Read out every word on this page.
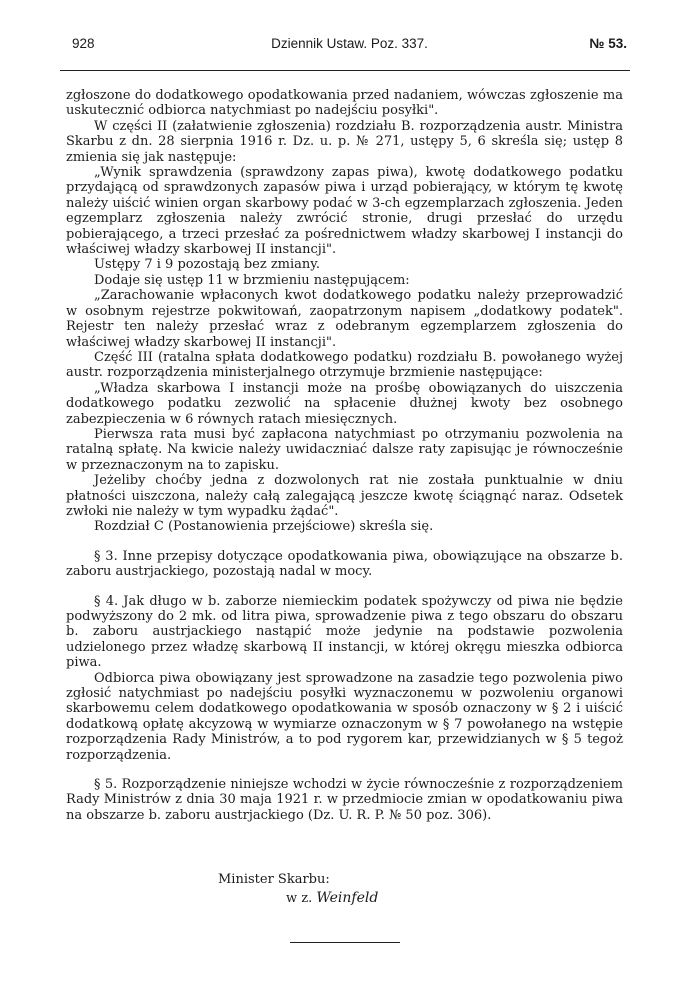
928	Dziennik Ustaw. Poz. 337.	№ 53.

zgłoszone do dodatkowego opodatkowania przed nadaniem, wówczas zgłoszenie ma uskutecznić odbiorca natychmiast po nadejściu posyłki".

W części II (załatwienie zgłoszenia) rozdziału B. rozporządzenia austr. Ministra Skarbu z dn. 28 sierpnia 1916 r. Dz. u. p. № 271, ustępy 5, 6 skreśla się; ustęp 8 zmienia się jak następuje:

„Wynik sprawdzenia (sprawdzony zapas piwa), kwotę dodatkowego podatku przydającą od sprawdzonych zapasów piwa i urząd pobierający, w którym tę kwotę należy uiścić winien organ skarbowy podać w 3-ch egzemplarzach zgłoszenia. Jeden egzemplarz zgłoszenia należy zwrócić stronie, drugi przesłać do urzędu pobierającego, a trzeci przesłać za pośrednictwem władzy skarbowej I instancji do właściwej władzy skarbowej II instancji".

Ustępy 7 i 9 pozostają bez zmiany.

Dodaje się ustęp 11 w brzmieniu następującem:

„Zarachowanie wpłaconych kwot dodatkowego podatku należy przeprowadzić w osobnym rejestrze pokwitowań, zaopatrzonym napisem „dodatkowy podatek". Rejestr ten należy przesłać wraz z odebranym egzemplarzem zgłoszenia do właściwej władzy skarbowej II instancji".

Część III (ratalna spłata dodatkowego podatku) rozdziału B. powołanego wyżej austr. rozporządzenia ministerjalnego otrzymuje brzmienie następujące:

„Władza skarbowa I instancji może na prośbę obowiązanych do uiszczenia dodatkowego podatku zezwolić na spłacenie dłużnej kwoty bez osobnego zabezpieczenia w 6 równych ratach miesięcznych.

Pierwsza rata musi być zapłacona natychmiast po otrzymaniu pozwolenia na ratalną spłatę. Na kwicie należy uwidaczniać dalsze raty zapisując je równocześnie w przeznaczonym na to zapisku.

Jeżeliby choćby jedna z dozwolonych rat nie została punktualnie w dniu płatności uiszczona, należy całą zalegającą jeszcze kwotę ściągnąć naraz. Odsetek zwłoki nie należy w tym wypadku żądać".

Rozdział C (Postanowienia przejściowe) skreśla się.

§ 3. Inne przepisy dotyczące opodatkowania piwa, obowiązujące na obszarze b. zaboru austrjackiego, pozostają nadal w mocy.

§ 4. Jak długo w b. zaborze niemieckim podatek spożywczy od piwa nie będzie podwyższony do 2 mk. od litra piwa, sprowadzenie piwa z tego obszaru do obszaru b. zaboru austrjackiego nastąpić może jedynie na podstawie pozwolenia udzielonego przez władzę skarbową II instancji, w której okręgu mieszka odbiorca piwa.

Odbiorca piwa obowiązany jest sprowadzone na zasadzie tego pozwolenia piwo zgłosić natychmiast po nadejściu posyłki wyznaczonemu w pozwoleniu organowi skarbowemu celem dodatkowego opodatkowania w sposób oznaczony w § 2 i uiścić dodatkową opłatę akcyzową w wymiarze oznaczonym w § 7 powołanego na wstępie rozporządzenia Rady Ministrów, a to pod rygorem kar, przewidzianych w § 5 tegoż rozporządzenia.

§ 5. Rozporządzenie niniejsze wchodzi w życie równocześnie z rozporządzeniem Rady Ministrów z dnia 30 maja 1921 r. w przedmiocie zmian w opodatkowaniu piwa na obszarze b. zaboru austrjackiego (Dz. U. R. P. № 50 poz. 306).

Minister Skarbu:
w z. Weinfeld
